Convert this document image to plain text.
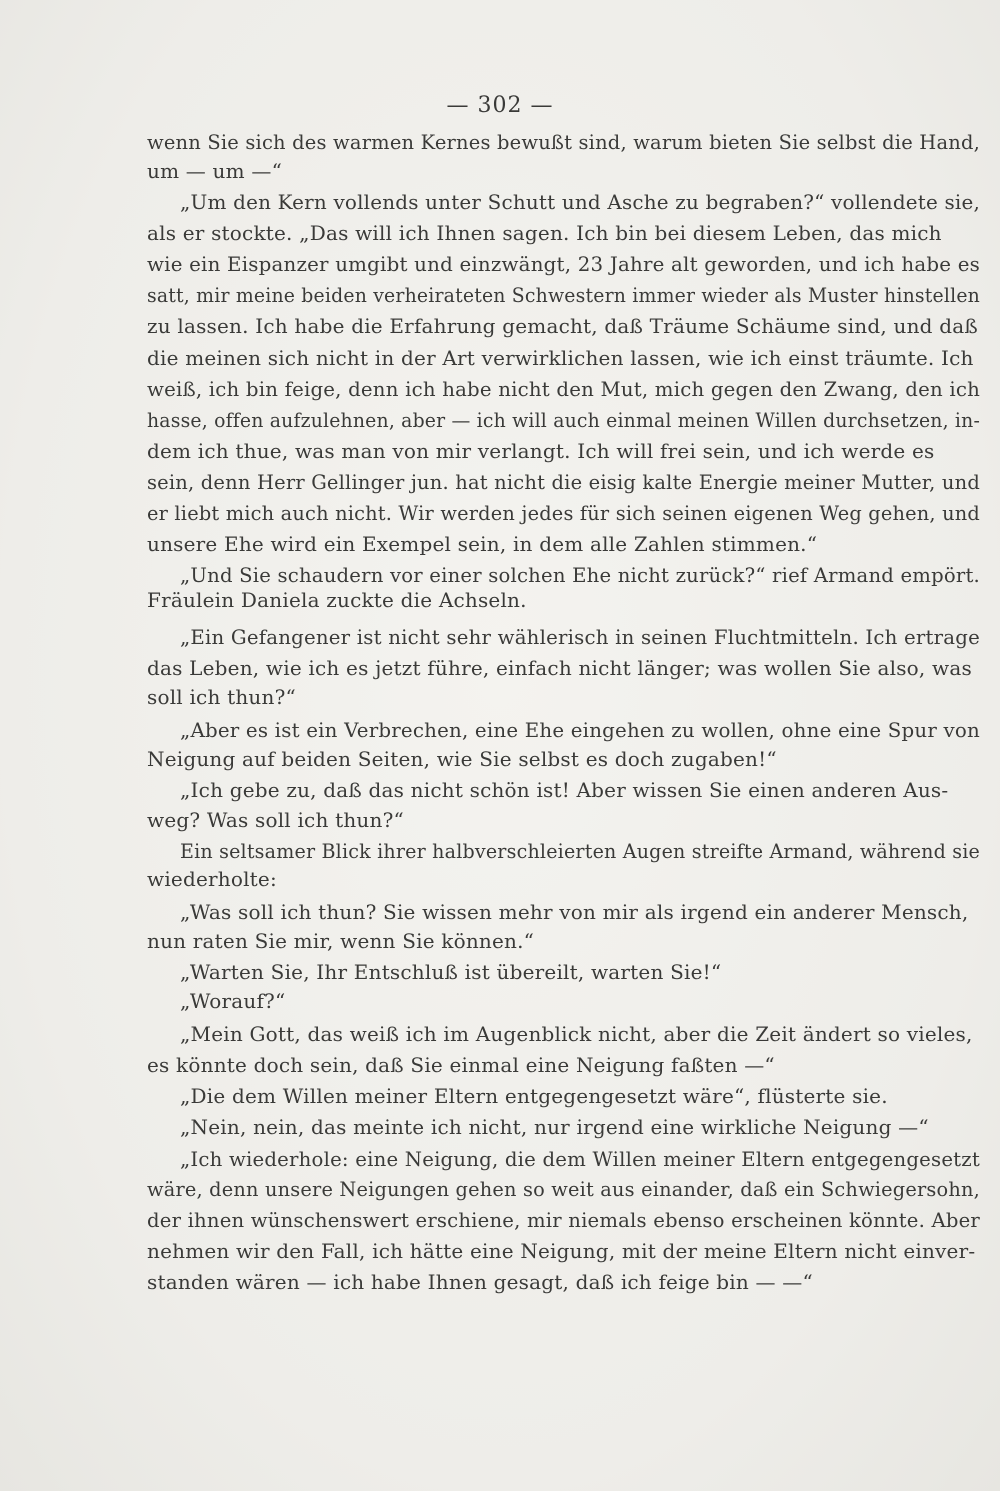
— 302 —
wenn Sie sich des warmen Kernes bewußt sind, warum bieten Sie selbst die Hand,
um — um —“
„Um den Kern vollends unter Schutt und Asche zu begraben?“ vollendete sie,
als er stockte. „Das will ich Ihnen sagen. Ich bin bei diesem Leben, das mich
wie ein Eispanzer umgibt und einzwängt, 23 Jahre alt geworden, und ich habe es
satt, mir meine beiden verheirateten Schwestern immer wieder als Muster hinstellen
zu lassen. Ich habe die Erfahrung gemacht, daß Träume Schäume sind, und daß
die meinen sich nicht in der Art verwirklichen lassen, wie ich einst träumte. Ich
weiß, ich bin feige, denn ich habe nicht den Mut, mich gegen den Zwang, den ich
hasse, offen aufzulehnen, aber — ich will auch einmal meinen Willen durchsetzen, in-
dem ich thue, was man von mir verlangt. Ich will frei sein, und ich werde es
sein, denn Herr Gellinger jun. hat nicht die eisig kalte Energie meiner Mutter, und
er liebt mich auch nicht. Wir werden jedes für sich seinen eigenen Weg gehen, und
unsere Ehe wird ein Exempel sein, in dem alle Zahlen stimmen.“
„Und Sie schaudern vor einer solchen Ehe nicht zurück?“ rief Armand empört.
Fräulein Daniela zuckte die Achseln.
„Ein Gefangener ist nicht sehr wählerisch in seinen Fluchtmitteln. Ich ertrage
das Leben, wie ich es jetzt führe, einfach nicht länger; was wollen Sie also, was
soll ich thun?“
„Aber es ist ein Verbrechen, eine Ehe eingehen zu wollen, ohne eine Spur von
Neigung auf beiden Seiten, wie Sie selbst es doch zugaben!“
„Ich gebe zu, daß das nicht schön ist! Aber wissen Sie einen anderen Aus-
weg? Was soll ich thun?“
Ein seltsamer Blick ihrer halbverschleierten Augen streifte Armand, während sie
wiederholte:
„Was soll ich thun? Sie wissen mehr von mir als irgend ein anderer Mensch,
nun raten Sie mir, wenn Sie können.“
„Warten Sie, Ihr Entschluß ist übereilt, warten Sie!“
„Worauf?“
„Mein Gott, das weiß ich im Augenblick nicht, aber die Zeit ändert so vieles,
es könnte doch sein, daß Sie einmal eine Neigung faßten —“
„Die dem Willen meiner Eltern entgegengesetzt wäre“, flüsterte sie.
„Nein, nein, das meinte ich nicht, nur irgend eine wirkliche Neigung —“
„Ich wiederhole: eine Neigung, die dem Willen meiner Eltern entgegengesetzt
wäre, denn unsere Neigungen gehen so weit aus einander, daß ein Schwiegersohn,
der ihnen wünschenswert erschiene, mir niemals ebenso erscheinen könnte. Aber
nehmen wir den Fall, ich hätte eine Neigung, mit der meine Eltern nicht einver-
standen wären — ich habe Ihnen gesagt, daß ich feige bin — —“
